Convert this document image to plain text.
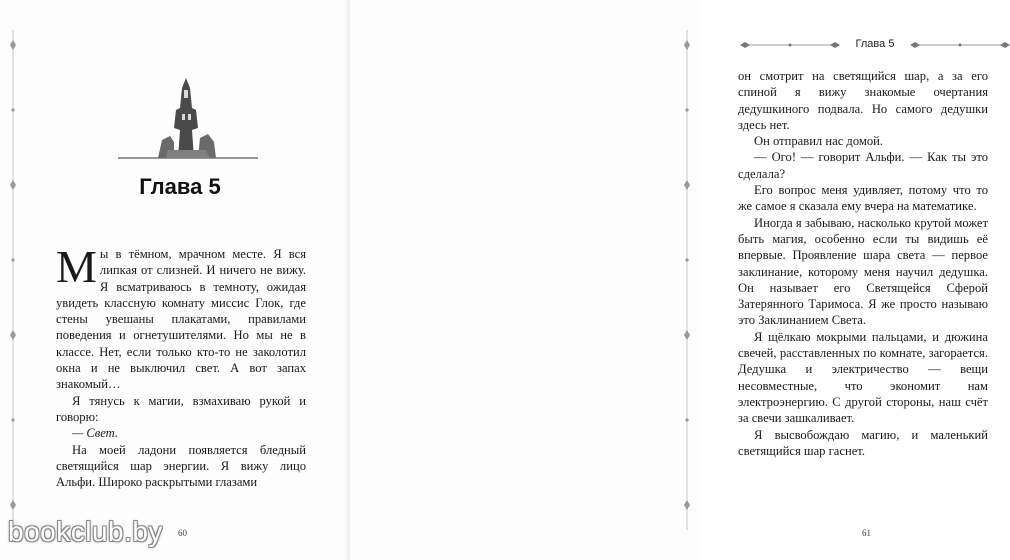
Глава 5

Мы в тёмном, мрачном месте. Я вся липкая от слизней. И ничего не вижу. Я всматриваюсь в темноту, ожидая увидеть классную комнату миссис Глок, где стены увешаны плакатами, правилами поведения и огнетушителями. Но мы не в классе. Нет, если только кто-то не заколотил окна и не выключил свет. А вот запах знакомый…

Я тянусь к магии, взмахиваю рукой и говорю:

— Свет.

На моей ладони появляется бледный светящийся шар энергии. Я вижу лицо Альфи. Широко раскрытыми глазами

60
Глава 5

он смотрит на светящийся шар, а за его спиной я вижу знакомые очертания дедушкиного подвала. Но самого дедушки здесь нет.

Он отправил нас домой.

— Ого! — говорит Альфи. — Как ты это сделала?

Его вопрос меня удивляет, потому что то же самое я сказала ему вчера на математике.

Иногда я забываю, насколько крутой может быть магия, особенно если ты видишь её впервые. Проявление шара света — первое заклинание, которому меня научил дедушка. Он называет его Светящейся Сферой Затерянного Таримоса. Я же просто называю это Заклинанием Света.

Я щёлкаю мокрыми пальцами, и дюжина свечей, расставленных по комнате, загорается. Дедушка и электричество — вещи несовместные, что экономит нам электроэнергию. С другой стороны, наш счёт за свечи зашкаливает.

Я высвобождаю магию, и маленький светящийся шар гаснет.

61
bookclub.by
